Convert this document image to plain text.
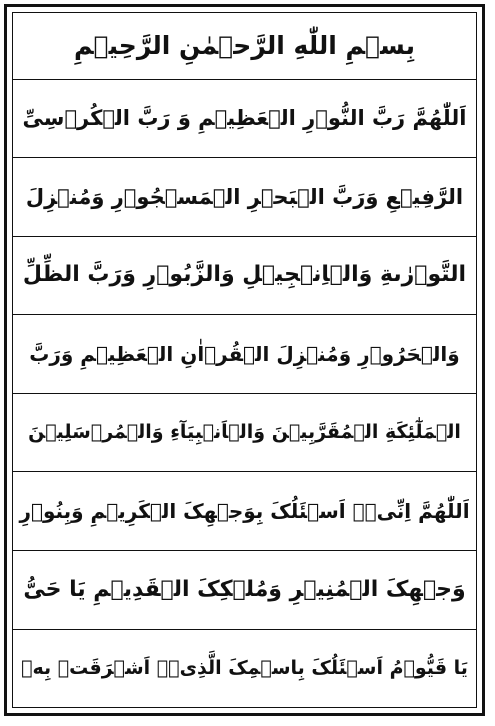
بِسۡمِ اللّٰهِ الرَّحۡمٰنِ الرَّحِیۡمِ
اَللّٰھُمَّ رَبَّ النُّوۡرِ الۡعَظِیۡمِ وَ رَبَّ الۡکُرۡسِیِّ
الرَّفِیۡعِ وَرَبَّ الۡبَحۡرِ الۡمَسۡجُوۡرِ وَمُنۡزِلَ
التَّوۡرٰىةِ وَالۡاِنۡجِیۡلِ وَالزَّبُوۡرِ وَرَبَّ الظِّلِّ
وَالۡحَرُوۡرِ وَمُنۡزِلَ الۡقُرۡاٰنِ الۡعَظِیۡمِ وَرَبَّ
الۡمَلٰٓئِکَةِ الۡمُقَرَّبِیۡنَ وَالۡاَنۡبِیَآءِ وَالۡمُرۡسَلِیۡنَ
اَللّٰھُمَّ اِنِّیۡۤ اَسۡئَلُکَ بِوَجۡھِکَ الۡکَرِیۡمِ وَبِنُوۡرِ
وَجۡھِکَ الۡمُنِیۡرِ وَمُلۡکِکَ الۡقَدِیۡمِ یَا حَیُّ
یَا قَیُّوۡمُ اَسۡئَلُکَ بِاسۡمِکَ الَّذِیۡۤ اَشۡرَقَتۡ بِهٖ
